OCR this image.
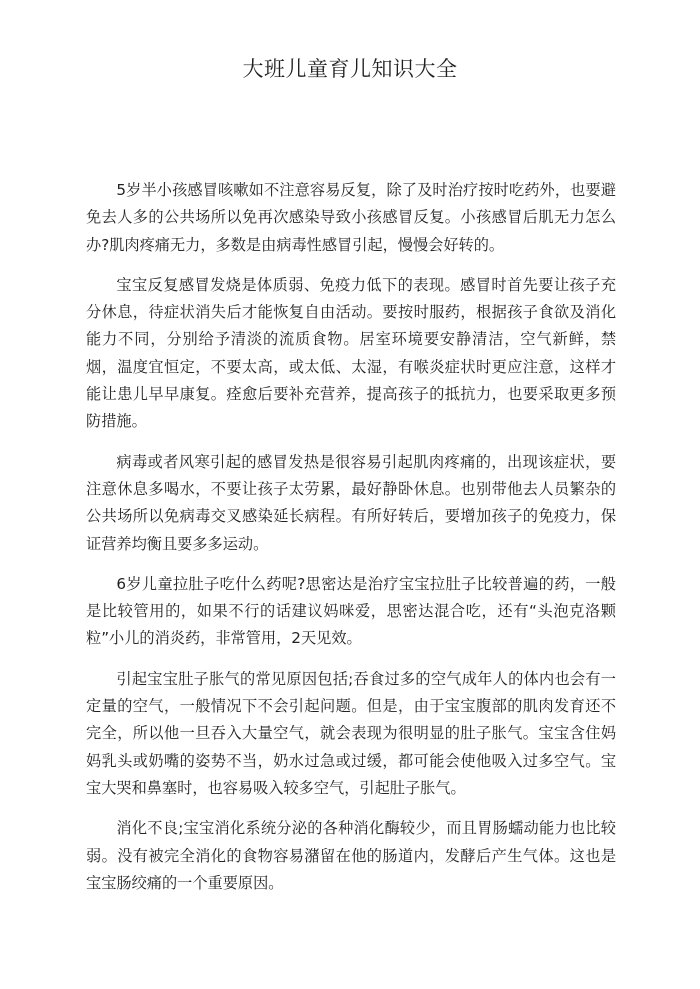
大班儿童育儿知识大全

5岁半小孩感冒咳嗽如不注意容易反复，除了及时治疗按时吃药外，也要避免去人多的公共场所以免再次感染导致小孩感冒反复。小孩感冒后肌无力怎么办?肌肉疼痛无力，多数是由病毒性感冒引起，慢慢会好转的。

宝宝反复感冒发烧是体质弱、免疫力低下的表现。感冒时首先要让孩子充分休息，待症状消失后才能恢复自由活动。要按时服药，根据孩子食欲及消化能力不同，分别给予清淡的流质食物。居室环境要安静清洁，空气新鲜，禁烟，温度宜恒定，不要太高，或太低、太湿，有喉炎症状时更应注意，这样才能让患儿早早康复。痊愈后要补充营养，提高孩子的抵抗力，也要采取更多预防措施。

病毒或者风寒引起的感冒发热是很容易引起肌肉疼痛的，出现该症状，要注意休息多喝水，不要让孩子太劳累，最好静卧休息。也别带他去人员繁杂的公共场所以免病毒交叉感染延长病程。有所好转后，要增加孩子的免疫力，保证营养均衡且要多多运动。

6岁儿童拉肚子吃什么药呢?思密达是治疗宝宝拉肚子比较普遍的药，一般是比较管用的，如果不行的话建议妈咪爱，思密达混合吃，还有“头泡克洛颗粒”小儿的消炎药，非常管用，2天见效。

引起宝宝肚子胀气的常见原因包括;吞食过多的空气成年人的体内也会有一定量的空气，一般情况下不会引起问题。但是，由于宝宝腹部的肌肉发育还不完全，所以他一旦吞入大量空气，就会表现为很明显的肚子胀气。宝宝含住妈妈乳头或奶嘴的姿势不当，奶水过急或过缓，都可能会使他吸入过多空气。宝宝大哭和鼻塞时，也容易吸入较多空气，引起肚子胀气。

消化不良;宝宝消化系统分泌的各种消化酶较少，而且胃肠蠕动能力也比较弱。没有被完全消化的食物容易潴留在他的肠道内，发酵后产生气体。这也是宝宝肠绞痛的一个重要原因。
